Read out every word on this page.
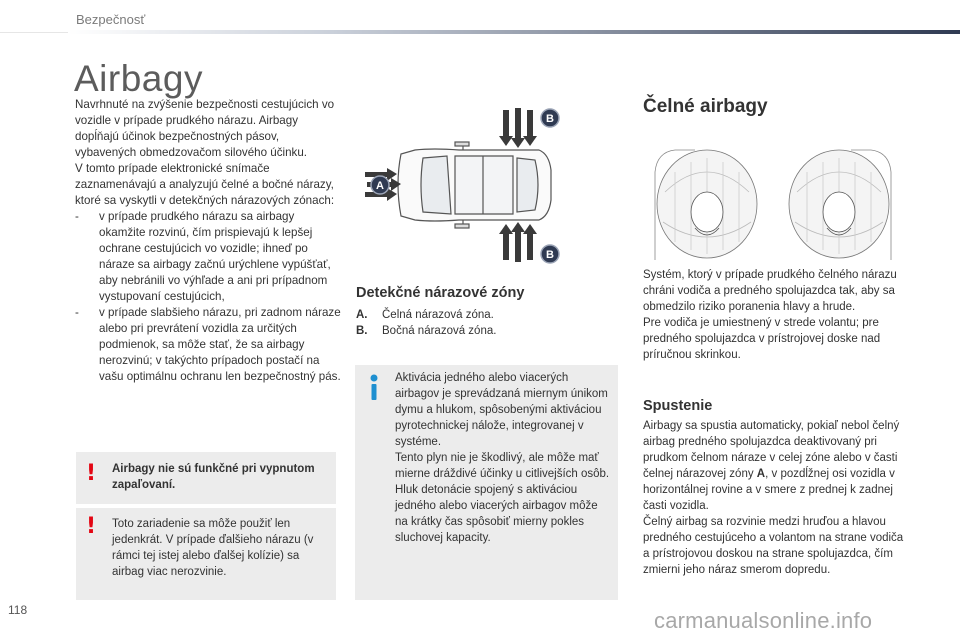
Bezpečnosť
Airbagy

Navrhnuté na zvýšenie bezpečnosti cestujúcich vo vozidle v prípade prudkého nárazu. Airbagy dopĺňajú účinok bezpečnostných pásov, vybavených obmedzovačom silového účinku.

V tomto prípade elektronické snímače zaznamenávajú a analyzujú čelné a bočné nárazy, ktoré sa vyskytli v detekčných nárazových zónach:

-	v prípade prudkého nárazu sa airbagy okamžite rozvinú, čím prispievajú k lepšej ochrane cestujúcich vo vozidle; ihneď po náraze sa airbagy začnú urýchlene vypúšťať, aby nebránili vo výhľade a ani pri prípadnom vystupovaní cestujúcich,
-	v prípade slabšieho nárazu, pri zadnom náraze alebo pri prevrátení vozidla za určitých podmienok, sa môže stať, že sa airbagy nerozvinú; v takýchto prípadoch postačí na vašu optimálnu ochranu len bezpečnostný pás.
! Airbagy nie sú funkčné pri vypnutom zapaľovaní.
! Toto zariadenie sa môže použiť len jedenkrát. V prípade ďalšieho nárazu (v rámci tej istej alebo ďalšej kolízie) sa airbag viac nerozvinie.
A
B
B
Detekčné nárazové zóny
A.	Čelná nárazová zóna.
B.	Bočná nárazová zóna.
Aktivácia jedného alebo viacerých airbagov je sprevádzaná miernym únikom dymu a hlukom, spôsobenými aktiváciou pyrotechnickej náložе, integrovanej v systéme.
Tento plyn nie je škodlivý, ale môže mať mierne dráždivé účinky u citlivejších osôb.
Hluk detonácie spojený s aktiváciou jedného alebo viacerých airbagov môže na krátky čas spôsobiť mierny pokles sluchovej kapacity.
Čelné airbagy
Systém, ktorý v prípade prudkého čelného nárazu chráni vodiča a predného spolujazdca tak, aby sa obmedzilo riziko poranenia hlavy a hrude.
Pre vodiča je umiestnený v strede volantu; pre predného spolujazdca v prístrojovej doske nad príručnou skrinkou.
Spustenie
Airbagy sa spustia automaticky, pokiaľ nebol čelný airbag predného spolujazdca deaktivovaný pri prudkom čelnom náraze v celej zóne alebo v časti čelnej nárazovej zóny A, v pozdĺžnej osi vozidla v horizontálnej rovine a v smere z prednej k zadnej časti vozidla.
Čelný airbag sa rozvinie medzi hruďou a hlavou predného cestujúceho a volantom na strane vodiča a prístrojovou doskou na strane spolujazdca, čím zmierni jeho náraz smerom dopredu.
118	carmanualsonline.info
